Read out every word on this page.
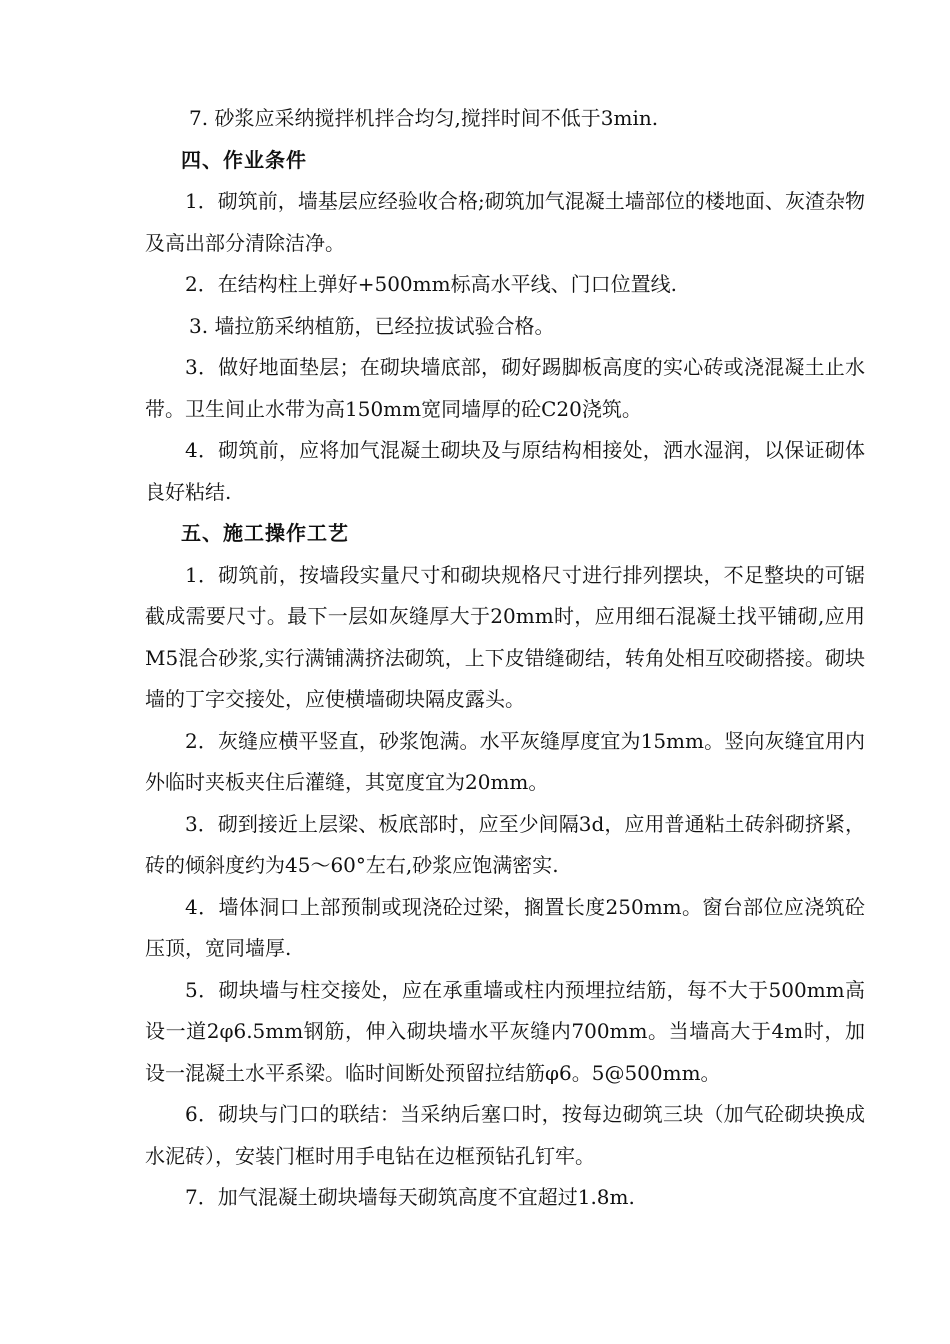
7. 砂浆应采纳搅拌机拌合均匀,搅拌时间不低于3min.

四、作业条件

1．砌筑前，墙基层应经验收合格;砌筑加气混凝土墙部位的楼地面、灰渣杂物及高出部分清除洁净。

2．在结构柱上弹好+500mm标高水平线、门口位置线.

3. 墙拉筋采纳植筋，已经拉拔试验合格。

3．做好地面垫层；在砌块墙底部，砌好踢脚板高度的实心砖或浇混凝土止水带。卫生间止水带为高150mm宽同墙厚的砼C20浇筑。

4．砌筑前，应将加气混凝土砌块及与原结构相接处，洒水湿润，以保证砌体良好粘结.

五、施工操作工艺

1．砌筑前，按墙段实量尺寸和砌块规格尺寸进行排列摆块，不足整块的可锯截成需要尺寸。最下一层如灰缝厚大于20mm时，应用细石混凝土找平铺砌,应用M5混合砂浆,实行满铺满挤法砌筑，上下皮错缝砌结，转角处相互咬砌搭接。砌块墙的丁字交接处，应使横墙砌块隔皮露头。

2．灰缝应横平竖直，砂浆饱满。水平灰缝厚度宜为15mm。竖向灰缝宜用内外临时夹板夹住后灌缝，其宽度宜为20mm。

3．砌到接近上层梁、板底部时，应至少间隔3d，应用普通粘土砖斜砌挤紧，砖的倾斜度约为45～60°左右,砂浆应饱满密实.

4．墙体洞口上部预制或现浇砼过梁，搁置长度250mm。窗台部位应浇筑砼压顶，宽同墙厚.

5．砌块墙与柱交接处，应在承重墙或柱内预埋拉结筋，每不大于500mm高设一道2φ6.5mm钢筋，伸入砌块墙水平灰缝内700mm。当墙高大于4m时，加设一混凝土水平系梁。临时间断处预留拉结筋φ6。5@500mm。

6．砌块与门口的联结：当采纳后塞口时，按每边砌筑三块（加气砼砌块换成水泥砖），安装门框时用手电钻在边框预钻孔钉牢。

7．加气混凝土砌块墙每天砌筑高度不宜超过1.8m.
